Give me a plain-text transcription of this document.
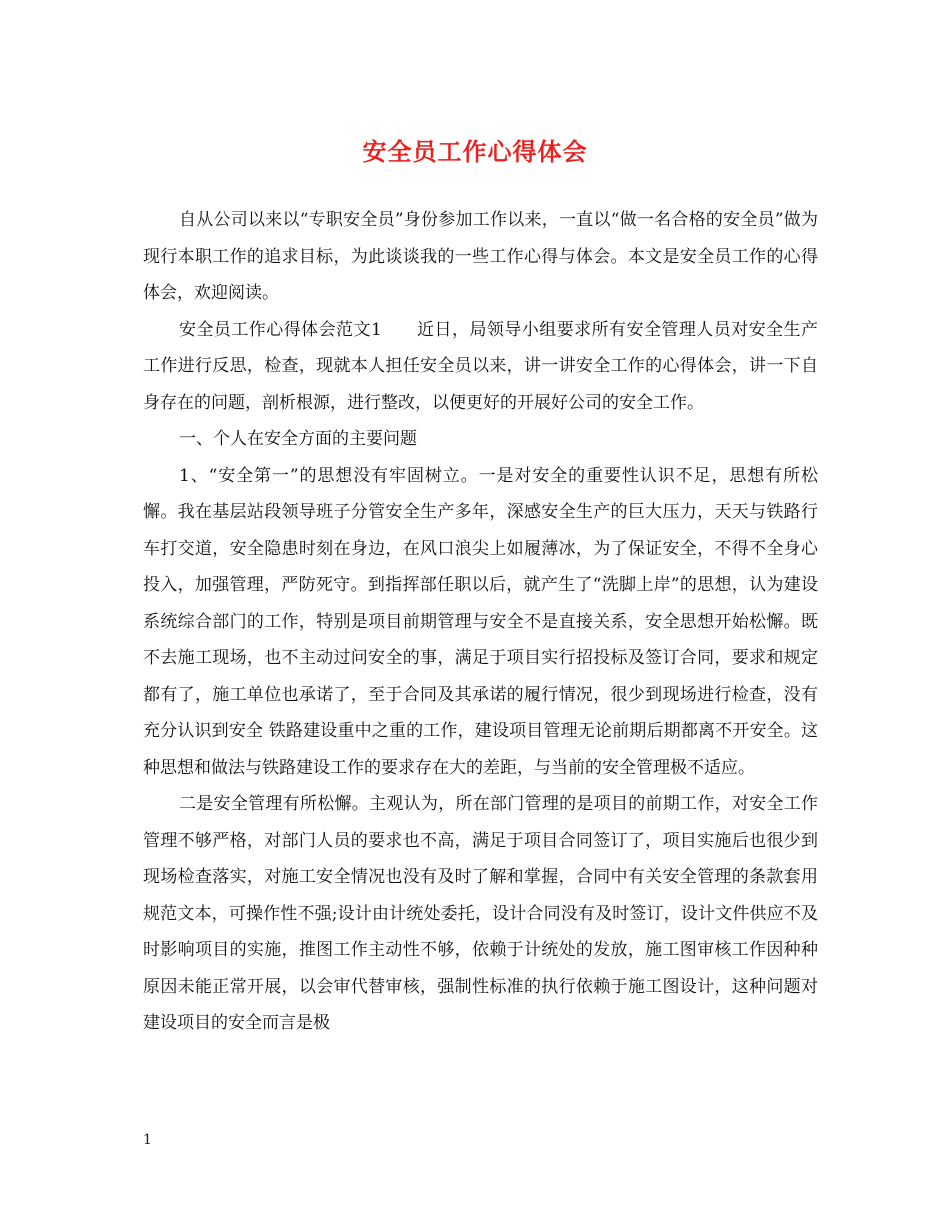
安全员工作心得体会

自从公司以来以“专职安全员”身份参加工作以来，一直以“做一名合格的安全员”做为现行本职工作的追求目标，为此谈谈我的一些工作心得与体会。本文是安全员工作的心得体会，欢迎阅读。

安全员工作心得体会范文1　　近日，局领导小组要求所有安全管理人员对安全生产工作进行反思，检查，现就本人担任安全员以来，讲一讲安全工作的心得体会，讲一下自身存在的问题，剖析根源，进行整改，以便更好的开展好公司的安全工作。

一、个人在安全方面的主要问题

1、“安全第一”的思想没有牢固树立。一是对安全的重要性认识不足，思想有所松懈。我在基层站段领导班子分管安全生产多年，深感安全生产的巨大压力，天天与铁路行车打交道，安全隐患时刻在身边，在风口浪尖上如履薄冰，为了保证安全，不得不全身心投入，加强管理，严防死守。到指挥部任职以后，就产生了“洗脚上岸”的思想，认为建设系统综合部门的工作，特别是项目前期管理与安全不是直接关系，安全思想开始松懈。既不去施工现场，也不主动过问安全的事，满足于项目实行招投标及签订合同，要求和规定都有了，施工单位也承诺了，至于合同及其承诺的履行情况，很少到现场进行检查，没有充分认识到安全 铁路建设重中之重的工作，建设项目管理无论前期后期都离不开安全。这种思想和做法与铁路建设工作的要求存在大的差距，与当前的安全管理极不适应。

二是安全管理有所松懈。主观认为，所在部门管理的是项目的前期工作，对安全工作管理不够严格，对部门人员的要求也不高，满足于项目合同签订了，项目实施后也很少到现场检查落实，对施工安全情况也没有及时了解和掌握，合同中有关安全管理的条款套用规范文本，可操作性不强;设计由计统处委托，设计合同没有及时签订，设计文件供应不及时影响项目的实施，推图工作主动性不够，依赖于计统处的发放，施工图审核工作因种种原因未能正常开展，以会审代替审核，强制性标准的执行依赖于施工图设计，这种问题对建设项目的安全而言是极

1
